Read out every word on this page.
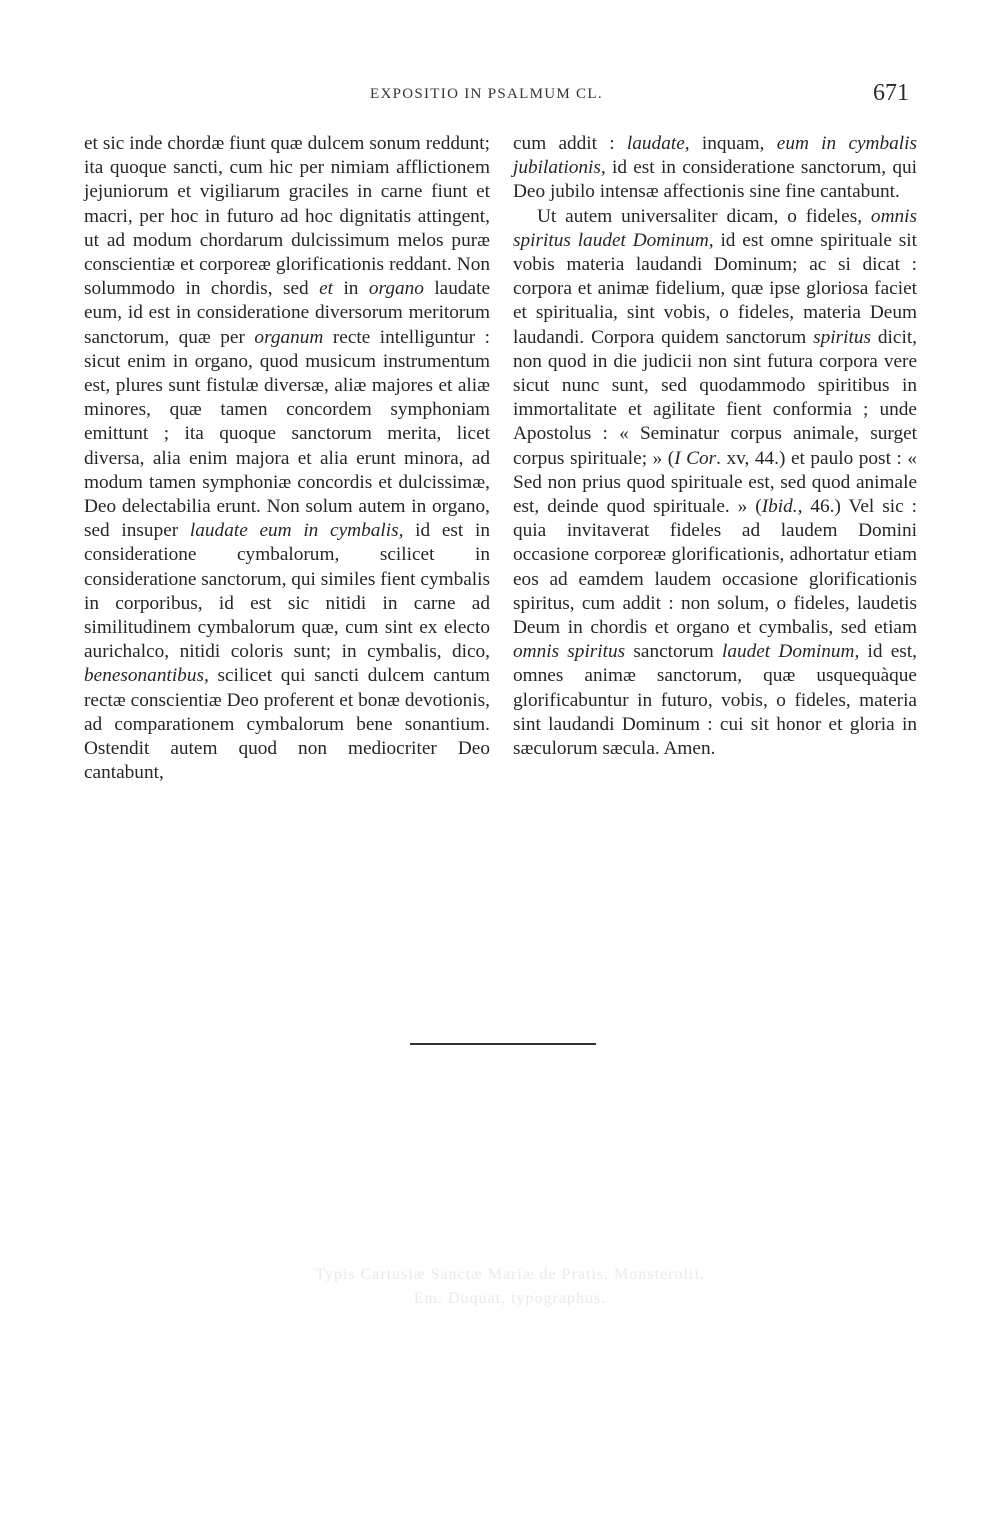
EXPOSITIO IN PSALMUM CL.	671

et sic inde chordæ fiunt quæ dulcem sonum reddunt; ita quoque sancti, cum hic per nimiam afflictionem jejuniorum et vigiliarum graciles in carne fiunt et macri, per hoc in futuro ad hoc dignitatis attingent, ut ad modum chordarum dulcissimum melos puræ conscientiæ et corporeæ glorificationis reddant. Non solummodo in chordis, sed et in organo laudate eum, id est in consideratione diversorum meritorum sanctorum, quæ per organum recte intelliguntur : sicut enim in organo, quod musicum instrumentum est, plures sunt fistulæ diversæ, aliæ majores et aliæ minores, quæ tamen concordem symphoniam emittunt ; ita quoque sanctorum merita, licet diversa, alia enim majora et alia erunt minora, ad modum tamen symphoniæ concordis et dulcissimæ, Deo delectabilia erunt. Non solum autem in organo, sed insuper laudate eum in cymbalis, id est in consideratione cymbalorum, scilicet in consideratione sanctorum, qui similes fient cymbalis in corporibus, id est sic nitidi in carne ad similitudinem cymbalorum quæ, cum sint ex electo aurichalco, nitidi coloris sunt; in cymbalis, dico, benesonantibus, scilicet qui sancti dulcem cantum rectæ conscientiæ Deo proferent et bonæ devotionis, ad comparationem cymbalorum bene sonantium. Ostendit autem quod non mediocriter Deo cantabunt,

cum addit : laudate, inquam, eum in cymbalis jubilationis, id est in consideratione sanctorum, qui Deo jubilo intensæ affectionis sine fine cantabunt.

Ut autem universaliter dicam, o fideles, omnis spiritus laudet Dominum, id est omne spirituale sit vobis materia laudandi Dominum; ac si dicat : corpora et animæ fidelium, quæ ipse gloriosa faciet et spiritualia, sint vobis, o fideles, materia Deum laudandi. Corpora quidem sanctorum spiritus dicit, non quod in die judicii non sint futura corpora vere sicut nunc sunt, sed quodammodo spiritibus in immortalitate et agilitate fient conformia ; unde Apostolus : « Seminatur corpus animale, surget corpus spirituale; » (I Cor. xv, 44.) et paulo post : « Sed non prius quod spirituale est, sed quod animale est, deinde quod spirituale. » (Ibid., 46.) Vel sic : quia invitaverat fideles ad laudem Domini occasione corporeæ glorificationis, adhortatur etiam eos ad eamdem laudem occasione glorificationis spiritus, cum addit : non solum, o fideles, laudetis Deum in chordis et organo et cymbalis, sed etiam omnis spiritus sanctorum laudet Dominum, id est, omnes animæ sanctorum, quæ usquequàque glorificabuntur in futuro, vobis, o fideles, materia sint laudandi Dominum : cui sit honor et gloria in sæculorum sæcula. Amen.

Typis Cartusiæ Sanctæ Mariæ de Pratis, Monsterolii.
Em. Duquat, typographus.
